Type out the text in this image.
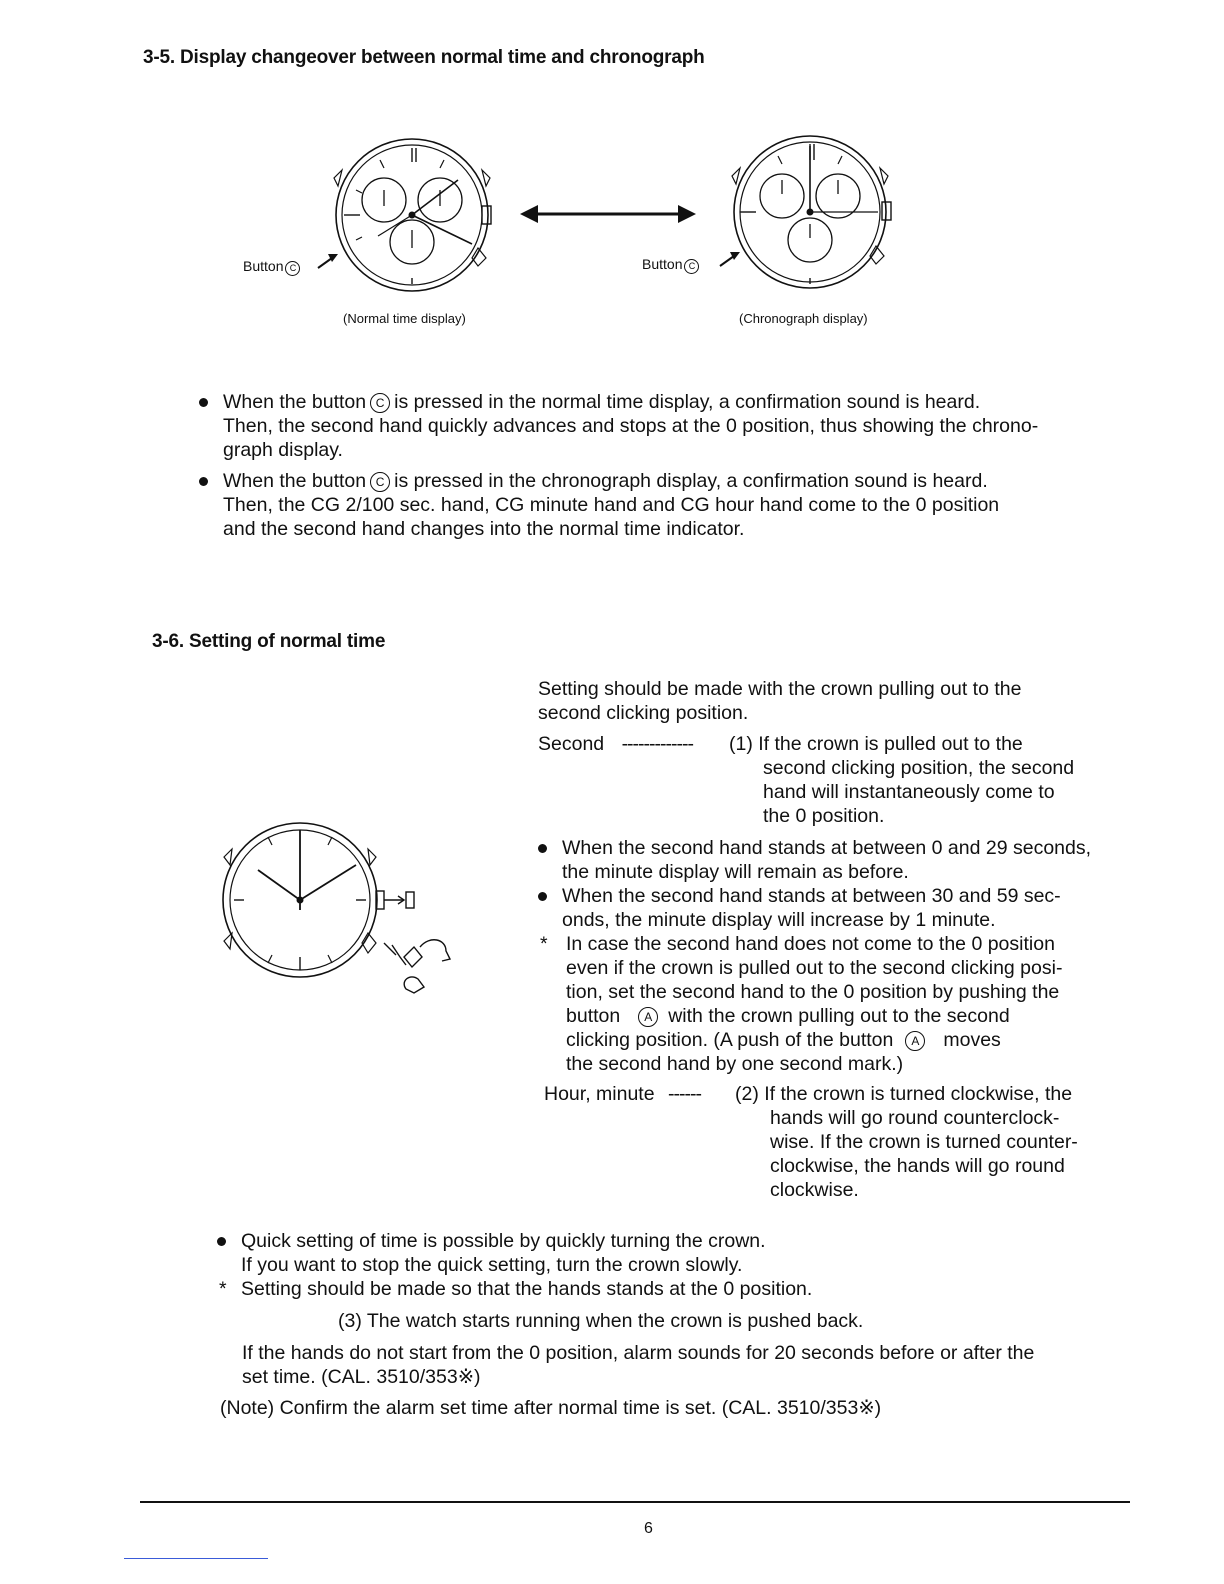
3-5. Display changeover between normal time and chronograph
Button C	Button C
(Normal time display)	(Chronograph display)
When the button C is pressed in the normal time display, a confirmation sound is heard.
Then, the second hand quickly advances and stops at the 0 position, thus showing the chrono-
graph display.
When the button C is pressed in the chronograph display, a confirmation sound is heard.
Then, the CG 2/100 sec. hand, CG minute hand and CG hour hand come to the 0 position
and the second hand changes into the normal time indicator.
3-6. Setting of normal time
Setting should be made with the crown pulling out to the
second clicking position.
Second ------------- (1) If the crown is pulled out to the
second clicking position, the second
hand will instantaneously come to
the 0 position.
When the second hand stands at between 0 and 29 seconds,
the minute display will remain as before.
When the second hand stands at between 30 and 59 sec-
onds, the minute display will increase by 1 minute.
* In case the second hand does not come to the 0 position
even if the crown is pulled out to the second clicking posi-
tion, set the second hand to the 0 position by pushing the
button A with the crown pulling out to the second
clicking position. (A push of the button A moves
the second hand by one second mark.)
Hour, minute ------ (2) If the crown is turned clockwise, the
hands will go round counterclock-
wise. If the crown is turned counter-
clockwise, the hands will go round
clockwise.
Quick setting of time is possible by quickly turning the crown.
If you want to stop the quick setting, turn the crown slowly.
* Setting should be made so that the hands stands at the 0 position.
(3) The watch starts running when the crown is pushed back.
If the hands do not start from the 0 position, alarm sounds for 20 seconds before or after the
set time. (CAL. 3510/353※)
(Note) Confirm the alarm set time after normal time is set. (CAL. 3510/353※)
6
